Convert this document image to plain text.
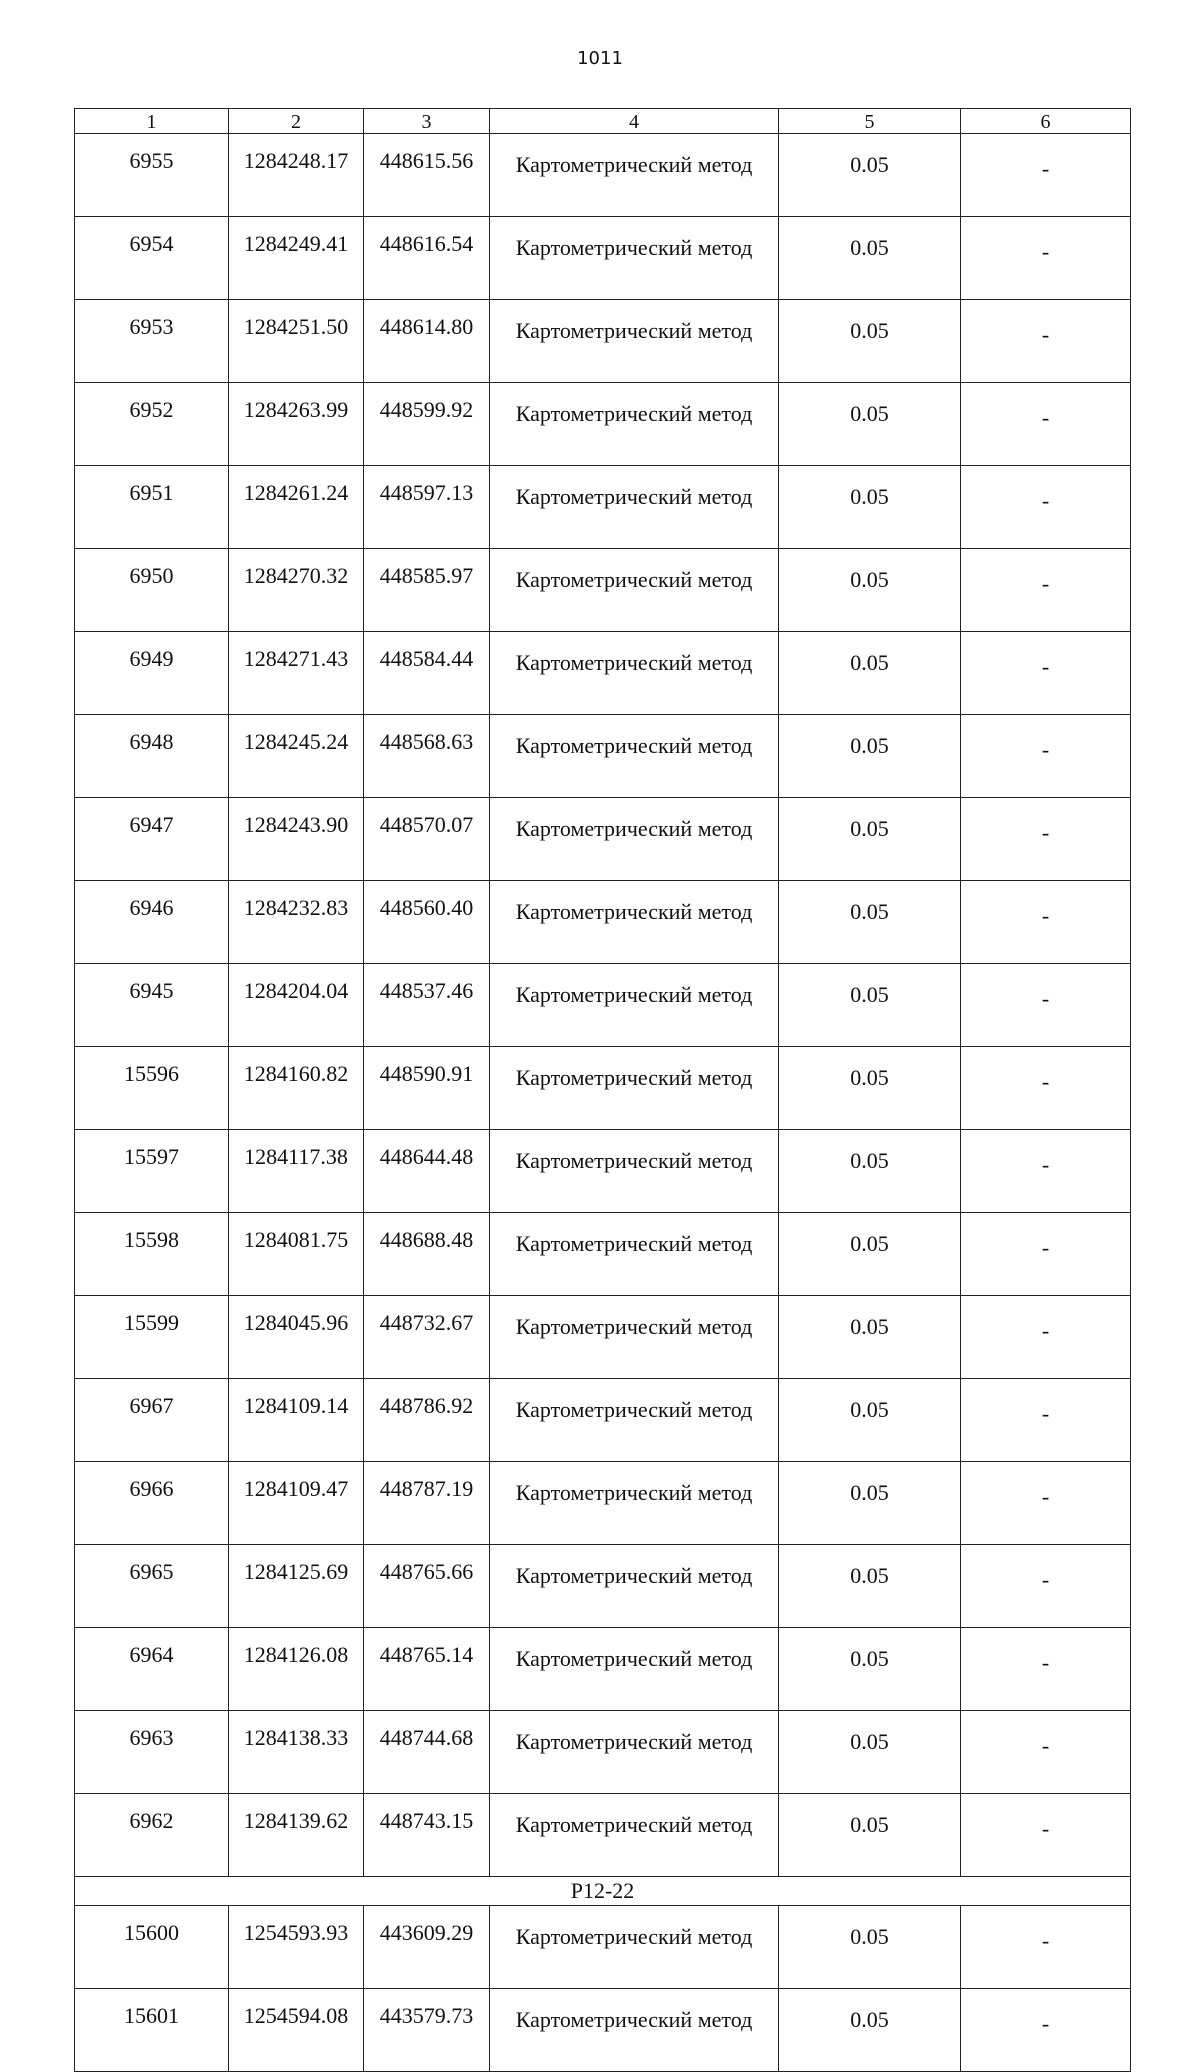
1011
1	2	3	4	5	6
6955	1284248.17	448615.56	Картометрический метод	0.05	-
6954	1284249.41	448616.54	Картометрический метод	0.05	-
6953	1284251.50	448614.80	Картометрический метод	0.05	-
6952	1284263.99	448599.92	Картометрический метод	0.05	-
6951	1284261.24	448597.13	Картометрический метод	0.05	-
6950	1284270.32	448585.97	Картометрический метод	0.05	-
6949	1284271.43	448584.44	Картометрический метод	0.05	-
6948	1284245.24	448568.63	Картометрический метод	0.05	-
6947	1284243.90	448570.07	Картометрический метод	0.05	-
6946	1284232.83	448560.40	Картометрический метод	0.05	-
6945	1284204.04	448537.46	Картометрический метод	0.05	-
15596	1284160.82	448590.91	Картометрический метод	0.05	-
15597	1284117.38	448644.48	Картометрический метод	0.05	-
15598	1284081.75	448688.48	Картометрический метод	0.05	-
15599	1284045.96	448732.67	Картометрический метод	0.05	-
6967	1284109.14	448786.92	Картометрический метод	0.05	-
6966	1284109.47	448787.19	Картометрический метод	0.05	-
6965	1284125.69	448765.66	Картометрический метод	0.05	-
6964	1284126.08	448765.14	Картометрический метод	0.05	-
6963	1284138.33	448744.68	Картометрический метод	0.05	-
6962	1284139.62	448743.15	Картометрический метод	0.05	-
Р12-22					
15600	1254593.93	443609.29	Картометрический метод	0.05	-
15601	1254594.08	443579.73	Картометрический метод	0.05	-
